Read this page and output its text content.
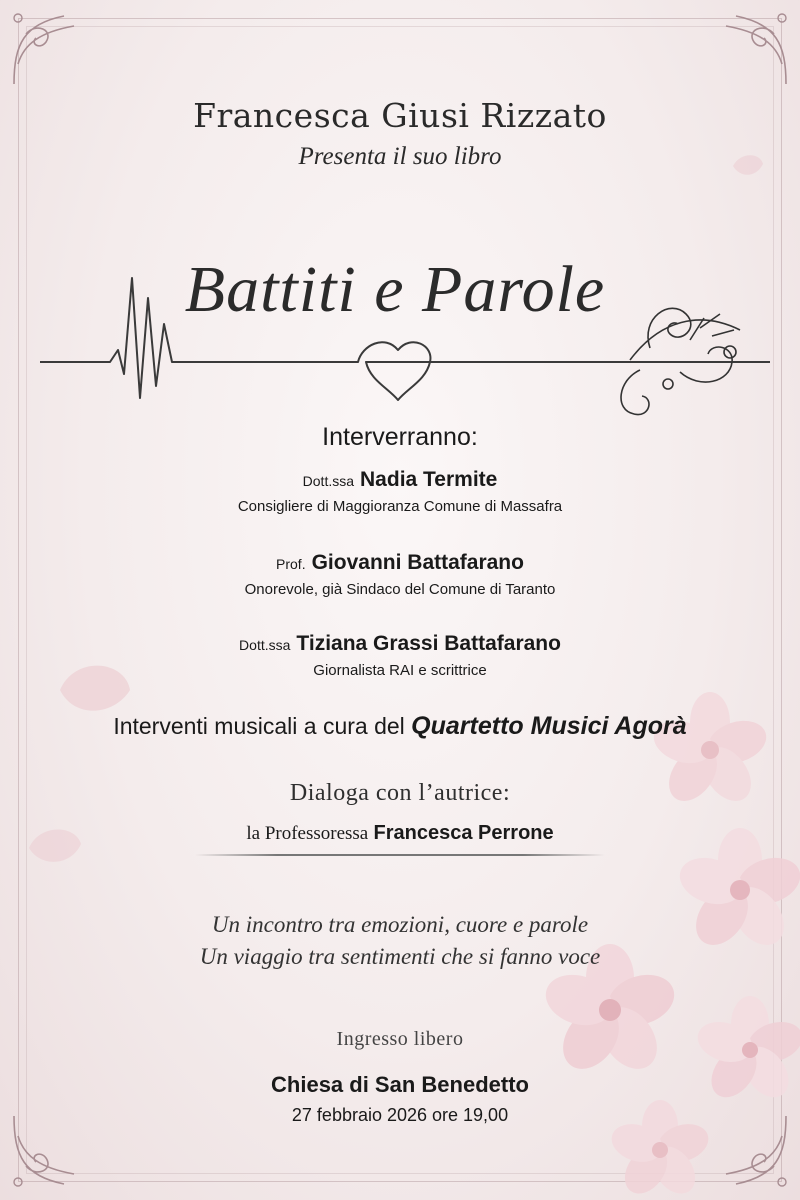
Francesca Giusi Rizzato
Presenta il suo libro
Battiti e Parole
Interverranno:
Dott.ssa Nadia Termite
Consigliere di Maggioranza Comune di Massafra
Prof. Giovanni Battafarano
Onorevole, già Sindaco del Comune di Taranto
Dott.ssa Tiziana Grassi Battafarano
Giornalista RAI e scrittrice
Interventi musicali a cura del Quartetto Musici Agorà
Dialoga con l’autrice:
la Professoressa Francesca Perrone
Un incontro tra emozioni, cuore e parole
Un viaggio tra sentimenti che si fanno voce
Ingresso libero
Chiesa di San Benedetto
27 febbraio 2026 ore 19,00
